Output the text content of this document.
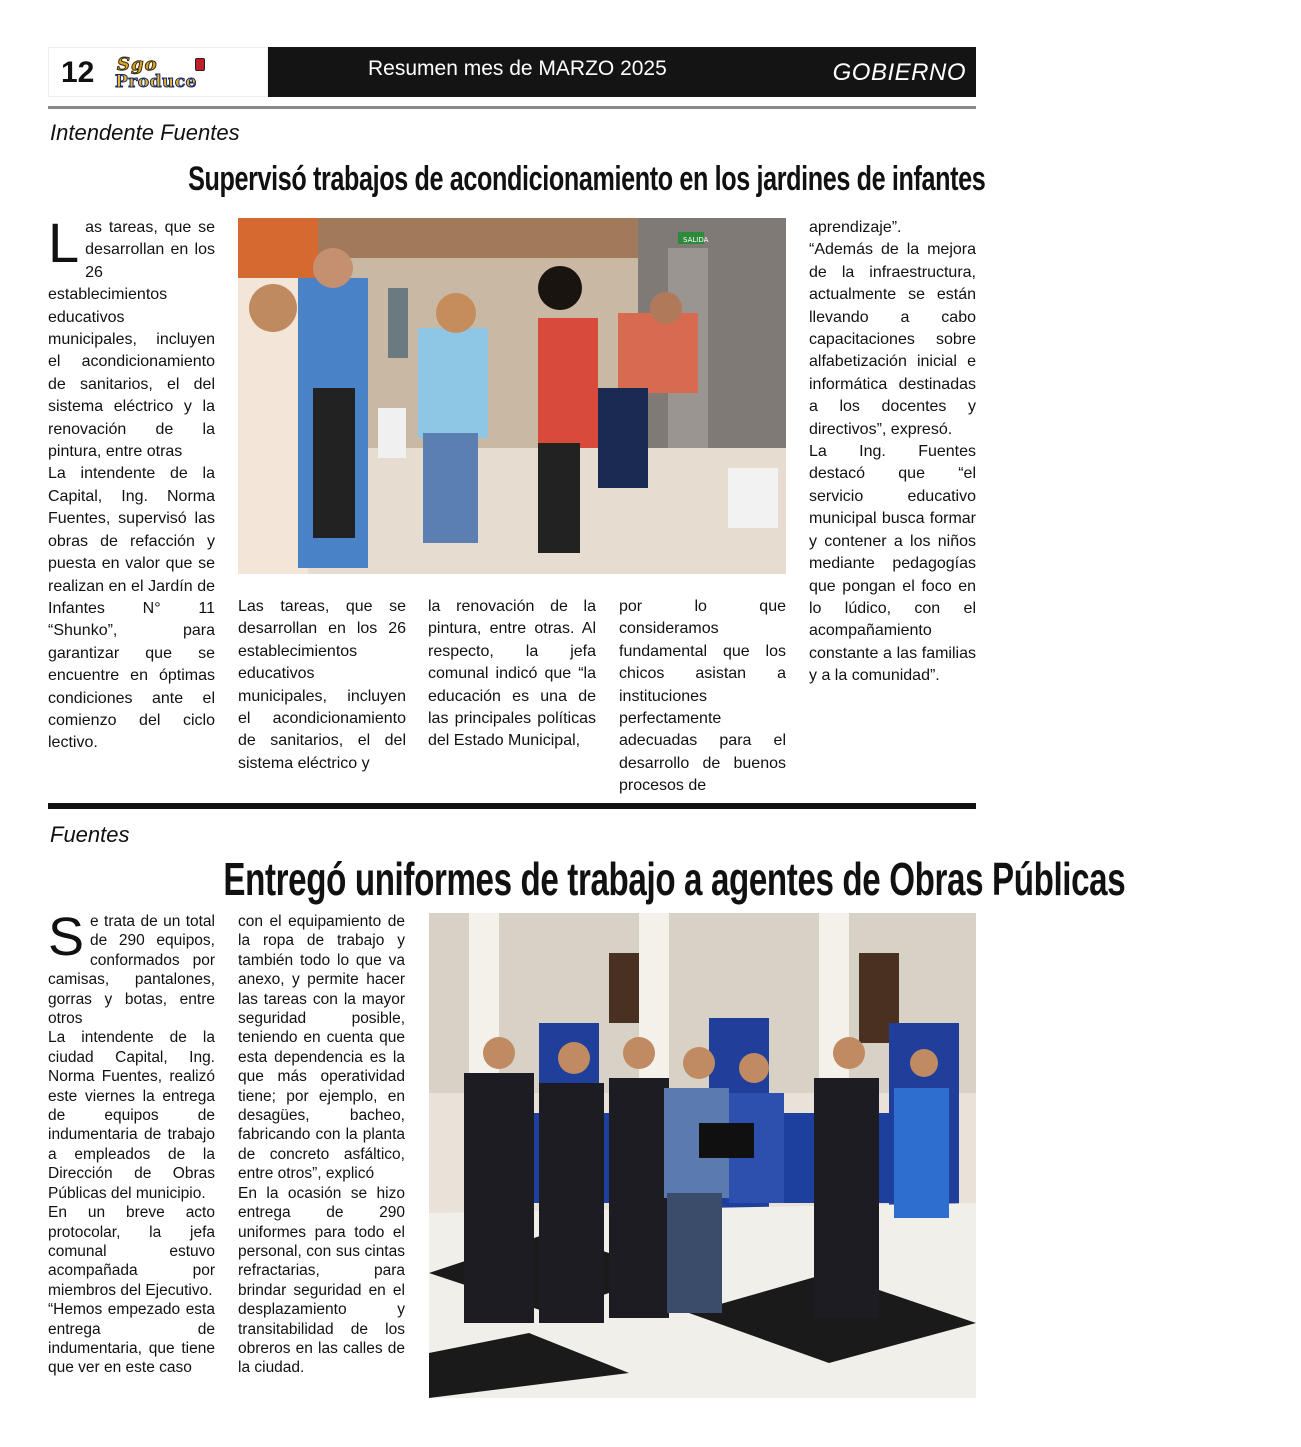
12 Sgo
Produce
Resumen mes de MARZO 2025	GOBIERNO
Intendente Fuentes
Supervisó trabajos de acondicionamiento en los jardines de infantes
L as tareas, que se desarrollan en los 26 establecimientos educativos municipales, incluyen el acondicionamiento de sanitarios, el del sistema eléctrico y la renovación de la pintura, entre otras

La intendente de la Capital, Ing. Norma Fuentes, supervisó las obras de refacción y puesta en valor que se realizan en el Jardín de Infantes N° 11 “Shunko”, para garantizar que se encuentre en óptimas condiciones ante el comienzo del ciclo lectivo.

SALIDA

Las tareas, que se desarrollan en los 26 establecimientos educativos municipales, incluyen el acondicionamiento de sanitarios, el del sistema eléctrico y

la renovación de la pintura, entre otras. Al respecto, la jefa comunal indicó que “la educación es una de las principales políticas del Estado Municipal,

por lo que consideramos fundamental que los chicos asistan a instituciones perfectamente adecuadas para el desarrollo de buenos procesos de

aprendizaje”.

“Además de la mejora de la infraestructura, actualmente se están llevando a cabo capacitaciones sobre alfabetización inicial e informática destinadas a los docentes y directivos”, expresó.

La Ing. Fuentes destacó que “el servicio educativo municipal busca formar y contener a los niños mediante pedagogías que pongan el foco en lo lúdico, con el acompañamiento constante a las familias y a la comunidad”.

Fuentes
Entregó uniformes de trabajo a agentes de Obras Públicas
S e trata de un total de 290 equipos, conformados por camisas, pantalones, gorras y botas, entre otros

La intendente de la ciudad Capital, Ing. Norma Fuentes, realizó este viernes la entrega de equipos de indumentaria de trabajo a empleados de la Dirección de Obras Públicas del municipio.

En un breve acto protocolar, la jefa comunal estuvo acompañada por miembros del Ejecutivo.

“Hemos empezado esta entrega de indumentaria, que tiene que ver en este caso

con el equipamiento de la ropa de trabajo y también todo lo que va anexo, y permite hacer las tareas con la mayor seguridad posible, teniendo en cuenta que esta dependencia es la que más operatividad tiene; por ejemplo, en desagües, bacheo, fabricando con la planta de concreto asfáltico, entre otros”, explicó

En la ocasión se hizo entrega de 290 uniformes para todo el personal, con sus cintas refractarias, para brindar seguridad en el desplazamiento y transitabilidad de los obreros en las calles de la ciudad.
